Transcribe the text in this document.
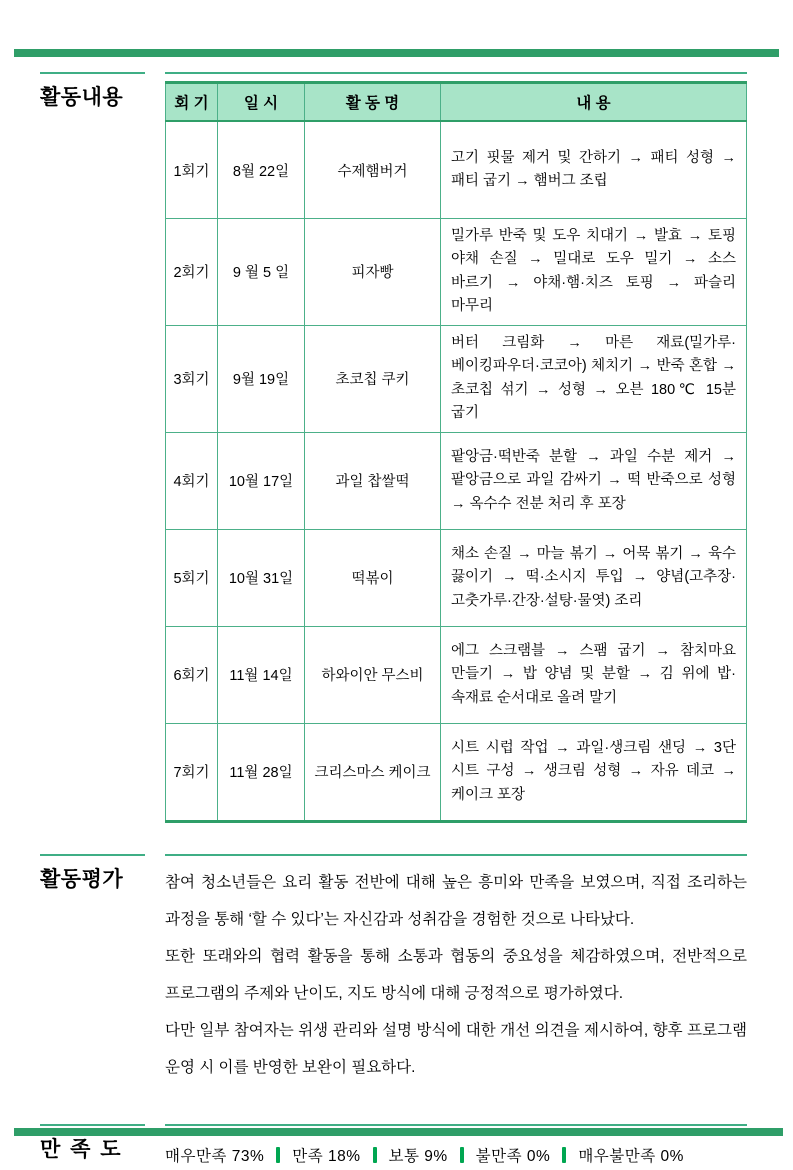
활동내용	회 기	일 시	활 동 명	내 용
1회기	8월 22일	수제햄버거	고기 핏물 제거 및 간하기 → 패티 성형 → 패티 굽기 → 햄버그 조립
2회기	9 월 5 일	피자빵	밀가루 반죽 및 도우 치대기 → 발효 → 토핑 야채 손질 → 밀대로 도우 밀기 → 소스 바르기 → 야채·햄·치즈 토핑 → 파슬리 마무리
3회기	9월 19일	초코칩 쿠키	버터 크림화 → 마른 재료(밀가루·베이킹파우더·코코아) 체치기 → 반죽 혼합 → 초코칩 섞기 → 성형 → 오븐 180℃ 15분 굽기
4회기	10월 17일	과일 찹쌀떡	팥앙금·떡반죽 분할 → 과일 수분 제거 → 팥앙금으로 과일 감싸기 → 떡 반죽으로 성형 → 옥수수 전분 처리 후 포장
5회기	10월 31일	떡볶이	채소 손질 → 마늘 볶기 → 어묵 볶기 → 육수 끓이기 → 떡·소시지 투입 → 양념(고추장·고춧가루·간장·설탕·물엿) 조리
6회기	11월 14일	하와이안 무스비	에그 스크램블 → 스팸 굽기 → 참치마요 만들기 → 밥 양념 및 분할 → 김 위에 밥·속재료 순서대로 올려 말기
7회기	11월 28일	크리스마스 케이크	시트 시럽 작업 → 과일·생크림 샌딩 → 3단 시트 구성 → 생크림 성형 → 자유 데코 → 케이크 포장
활동평가	참여 청소년들은 요리 활동 전반에 대해 높은 흥미와 만족을 보였으며, 직접 조리하는 과정을 통해 ‘할 수 있다’는 자신감과 성취감을 경험한 것으로 나타났다.

또한 또래와의 협력 활동을 통해 소통과 협동의 중요성을 체감하였으며, 전반적으로 프로그램의 주제와 난이도, 지도 방식에 대해 긍정적으로 평가하였다.

다만 일부 참여자는 위생 관리와 설명 방식에 대한 개선 의견을 제시하여, 향후 프로그램 운영 시 이를 반영한 보완이 필요하다.

만 족 도	매우만족 73% 만족 18% 보통 9% 불만족 0% 매우불만족 0%
